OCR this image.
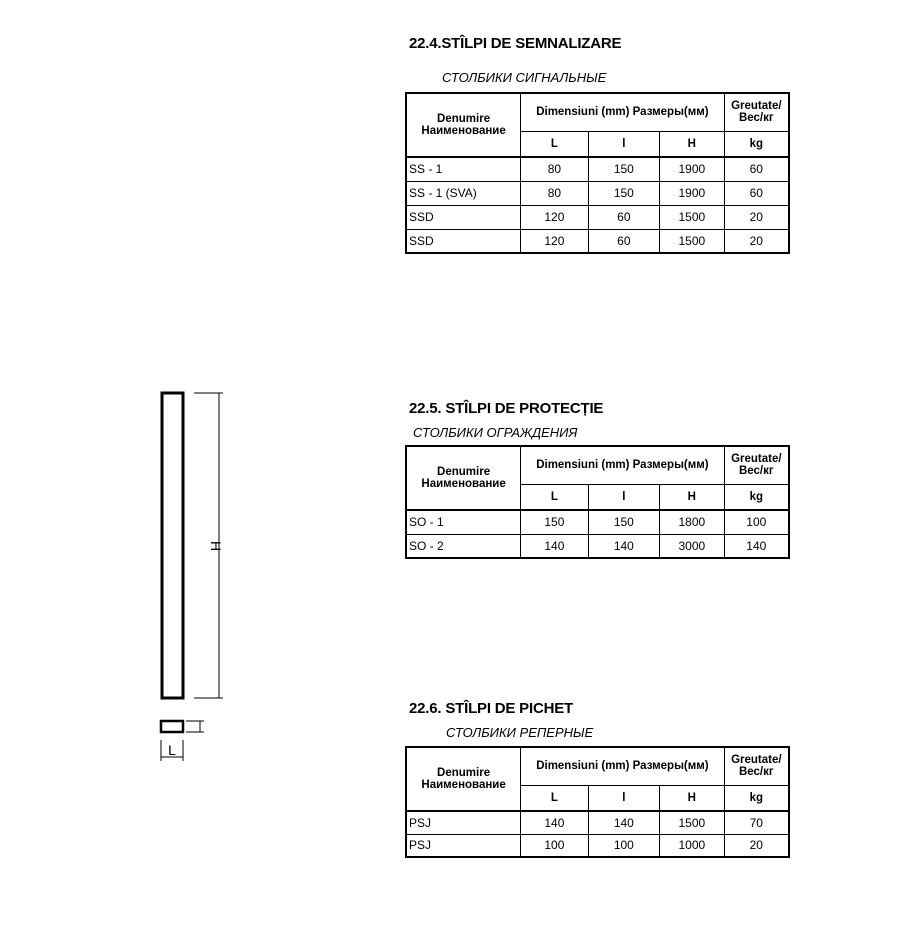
H
L
22.4.STÎLPI DE SEMNALIZARE
СТОЛБИКИ СИГНАЛЬНЫЕ
Denumire
Наименование	Dimensiuni (mm) Размеры(мм)			Greutate/
Вес/кг
	L	l	H	kg
SS - 1	80	150	1900	60
SS - 1 (SVA)	80	150	1900	60
SSD	120	60	1500	20
SSD	120	60	1500	20
22.5. STÎLPI DE PROTECȚIE
СТОЛБИКИ ОГРАЖДЕНИЯ
Denumire
Наименование	Dimensiuni (mm) Размеры(мм)			Greutate/
Вес/кг
	L	l	H	kg
SO - 1	150	150	1800	100
SO - 2	140	140	3000	140
22.6. STÎLPI DE PICHET
СТОЛБИКИ РЕПЕРНЫЕ
Denumire
Наименование	Dimensiuni (mm) Размеры(мм)			Greutate/
Вес/кг
	L	l	H	kg
PSJ	140	140	1500	70
PSJ	100	100	1000	20
